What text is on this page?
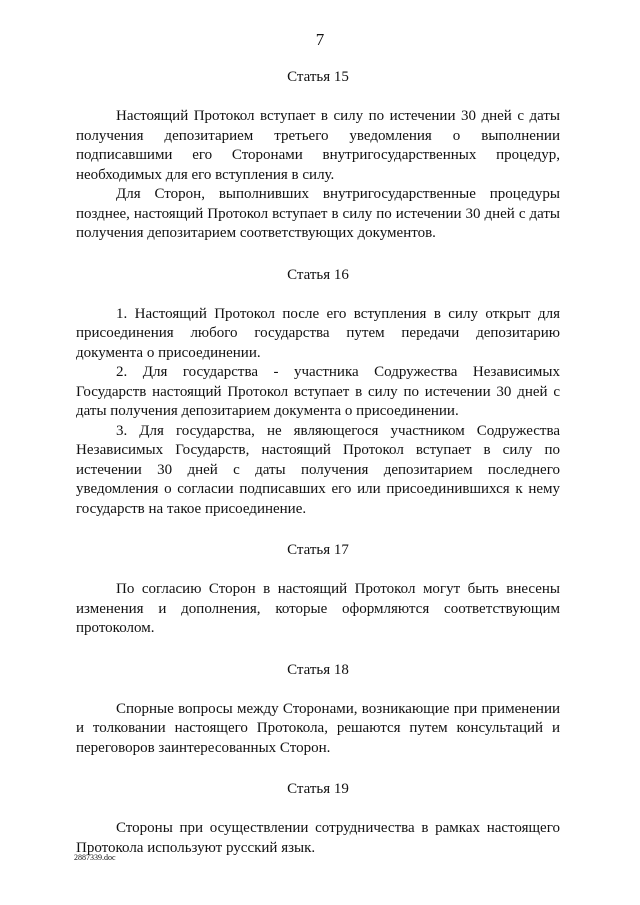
7
Статья 15

Настоящий Протокол вступает в силу по истечении 30 дней с даты получения депозитарием третьего уведомления о выполнении подписавшими его Сторонами внутригосударственных процедур, необходимых для его вступления в силу.

Для Сторон, выполнивших внутригосударственные процедуры позднее, настоящий Протокол вступает в силу по истечении 30 дней с даты получения депозитарием соответствующих документов.

Статья 16

1. Настоящий Протокол после его вступления в силу открыт для присоединения любого государства путем передачи депозитарию документа о присоединении.

2. Для государства - участника Содружества Независимых Государств настоящий Протокол вступает в силу по истечении 30 дней с даты получения депозитарием документа о присоединении.

3. Для государства, не являющегося участником Содружества Независимых Государств, настоящий Протокол вступает в силу по истечении 30 дней с даты получения депозитарием последнего уведомления о согласии подписавших его или присоединившихся к нему государств на такое присоединение.

Статья 17

По согласию Сторон в настоящий Протокол могут быть внесены изменения и дополнения, которые оформляются соответствующим протоколом.

Статья 18

Спорные вопросы между Сторонами, возникающие при применении и толковании настоящего Протокола, решаются путем консультаций и переговоров заинтересованных Сторон.

Статья 19

Стороны при осуществлении сотрудничества в рамках настоящего Протокола используют русский язык.

2887339.doc
